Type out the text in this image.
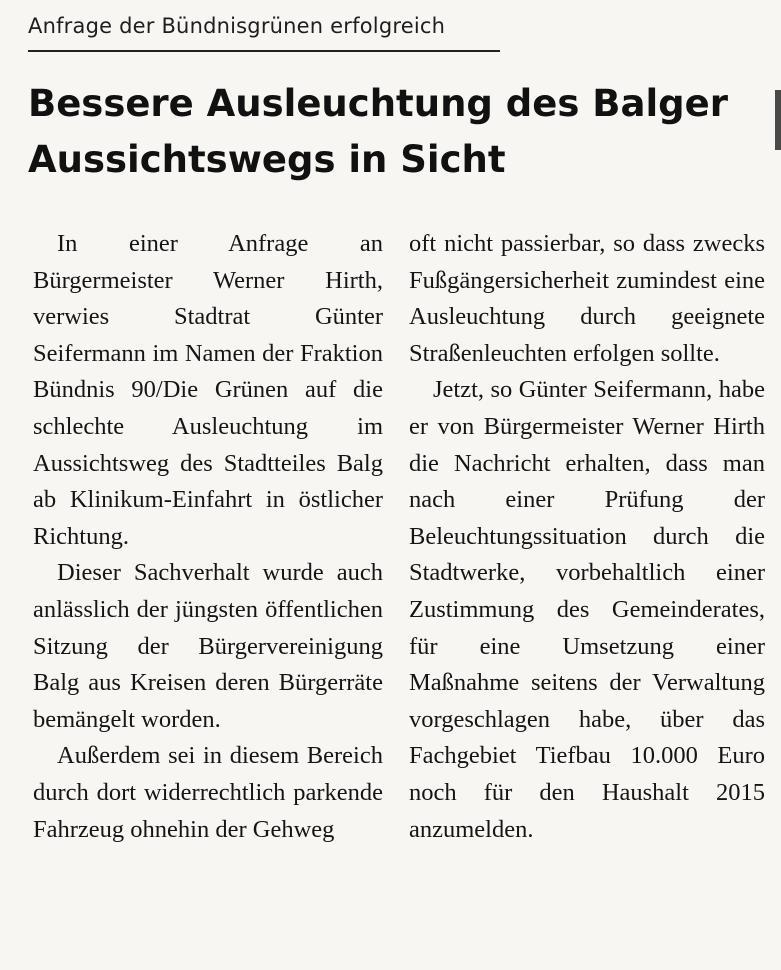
Anfrage der Bündnisgrünen erfolgreich
Bessere Ausleuchtung des Balger Aussichtswegs in Sicht

In einer Anfrage an Bürgermeister Werner Hirth, verwies Stadtrat Günter Seifermann im Namen der Fraktion Bündnis 90/Die Grünen auf die schlechte Ausleuchtung im Aussichtsweg des Stadtteiles Balg ab Klinikum-Einfahrt in östlicher Richtung.

Dieser Sachverhalt wurde auch anlässlich der jüngsten öffentlichen Sitzung der Bürgervereinigung Balg aus Kreisen deren Bürgerräte bemängelt worden.

Außerdem sei in diesem Bereich durch dort widerrechtlich parkende Fahrzeug ohnehin der Gehweg

oft nicht passierbar, so dass zwecks Fußgängersicherheit zumindest eine Ausleuchtung durch geeignete Straßenleuchten erfolgen sollte.

Jetzt, so Günter Seifermann, habe er von Bürgermeister Werner Hirth die Nachricht erhalten, dass man nach einer Prüfung der Beleuchtungssituation durch die Stadtwerke, vorbehaltlich einer Zustimmung des Gemeinderates, für eine Umsetzung einer Maßnahme seitens der Verwaltung vorgeschlagen habe, über das Fachgebiet Tiefbau 10.000 Euro noch für den Haushalt 2015 anzumelden.
